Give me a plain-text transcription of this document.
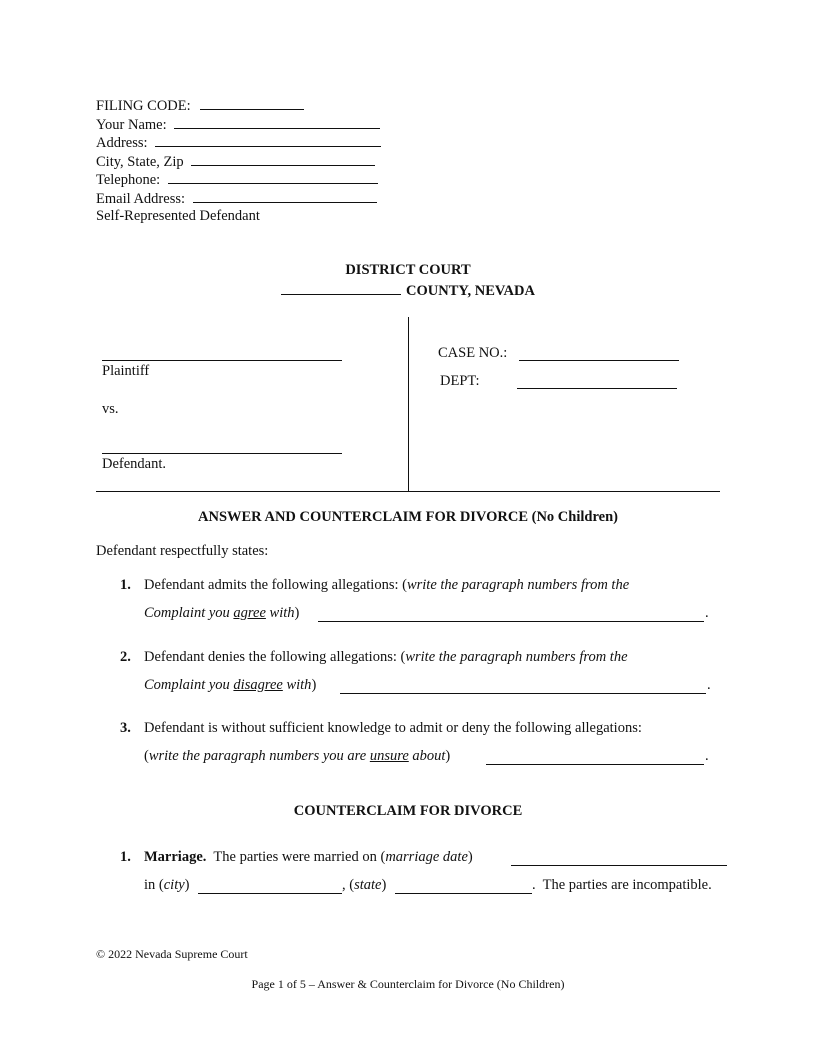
FILING CODE:
Your Name:
Address:
City, State, Zip
Telephone:
Email Address:
Self-Represented Defendant
DISTRICT COURT
COUNTY, NEVADA
Plaintiff
vs.
Defendant.
CASE NO.:
DEPT:
ANSWER AND COUNTERCLAIM FOR DIVORCE (No Children)
Defendant respectfully states:
1. Defendant admits the following allegations: (write the paragraph numbers from the
Complaint you agree with)	.
2. Defendant denies the following allegations: (write the paragraph numbers from the
Complaint you disagree with)	.
3. Defendant is without sufficient knowledge to admit or deny the following allegations:
(write the paragraph numbers you are unsure about)	.
COUNTERCLAIM FOR DIVORCE
1. Marriage. The parties were married on (marriage date)
in (city)	, (state)	.  The parties are incompatible.
© 2022 Nevada Supreme Court
Page 1 of 5 – Answer & Counterclaim for Divorce (No Children)
